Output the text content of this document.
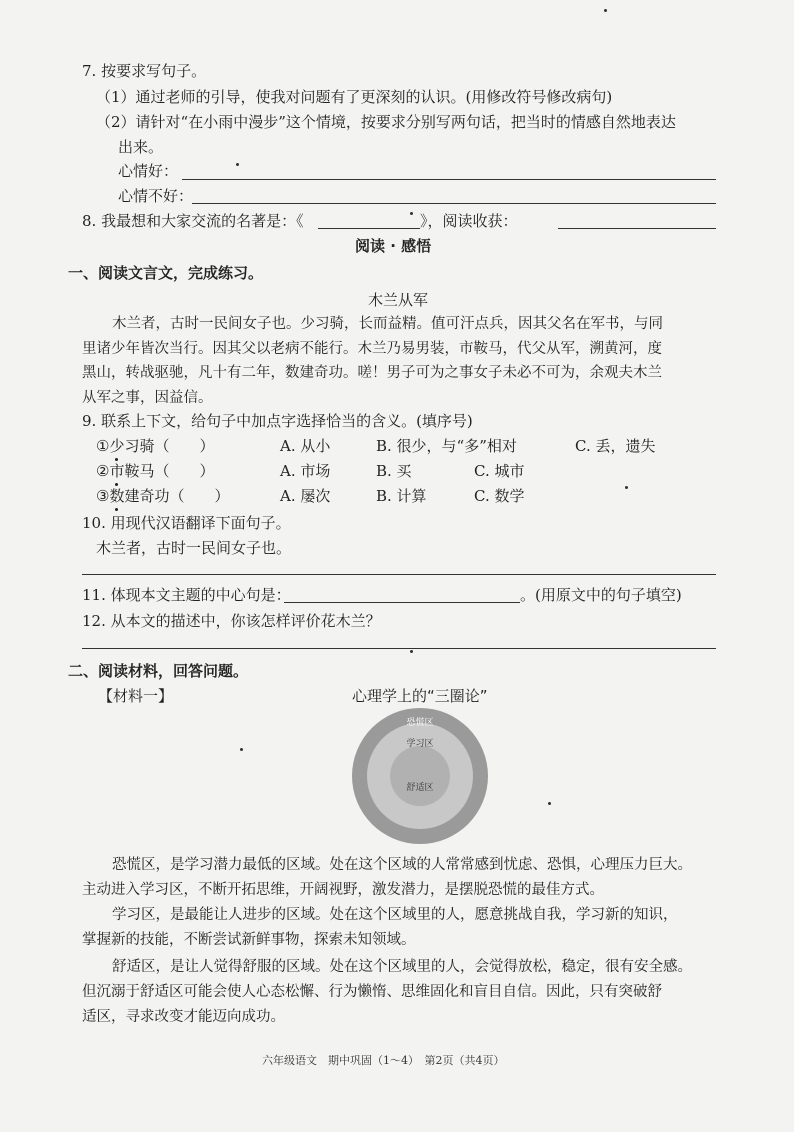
7. 按要求写句子。
（1）通过老师的引导，使我对问题有了更深刻的认识。(用修改符号修改病句)
（2）请针对“在小雨中漫步”这个情境，按要求分别写两句话，把当时的情感自然地表达
出来。
心情好：
心情不好：
8. 我最想和大家交流的名著是：《	》，阅读收获：
阅读 · 感悟
一、阅读文言文，完成练习。
木兰从军
木兰者，古时一民间女子也。少习骑，长而益精。值可汗点兵，因其父名在军书，与同
里诸少年皆次当行。因其父以老病不能行。木兰乃易男装，市鞍马，代父从军，溯黄河，度
黑山，转战驱驰，凡十有二年，数建奇功。嗟！男子可为之事女子未必不可为，余观夫木兰
从军之事，因益信。
9. 联系上下文，给句子中加点字选择恰当的含义。(填序号)
①少习骑（　　）	A. 从小	B. 很少，与“多”相对	C. 丢，遗失
②市鞍马（　　）	A. 市场	B. 买	C. 城市
③数建奇功（　　）	A. 屡次	B. 计算	C. 数学
10. 用现代汉语翻译下面句子。
木兰者，古时一民间女子也。
11. 体现本文主题的中心句是：	。(用原文中的句子填空)
12. 从本文的描述中，你该怎样评价花木兰？
二、阅读材料，回答问题。
【材料一】	心理学上的“三圈论”
恐慌区
学习区
舒适区
恐慌区，是学习潜力最低的区域。处在这个区域的人常常感到忧虑、恐惧，心理压力巨大。
主动进入学习区，不断开拓思维，开阔视野，激发潜力，是摆脱恐慌的最佳方式。
学习区，是最能让人进步的区域。处在这个区域里的人，愿意挑战自我，学习新的知识，
掌握新的技能，不断尝试新鲜事物，探索未知领域。
舒适区，是让人觉得舒服的区域。处在这个区域里的人，会觉得放松，稳定，很有安全感。
但沉溺于舒适区可能会使人心态松懈、行为懒惰、思维固化和盲目自信。因此，只有突破舒
适区，寻求改变才能迈向成功。
六年级语文　期中巩固（1～4）　第2页（共4页）
